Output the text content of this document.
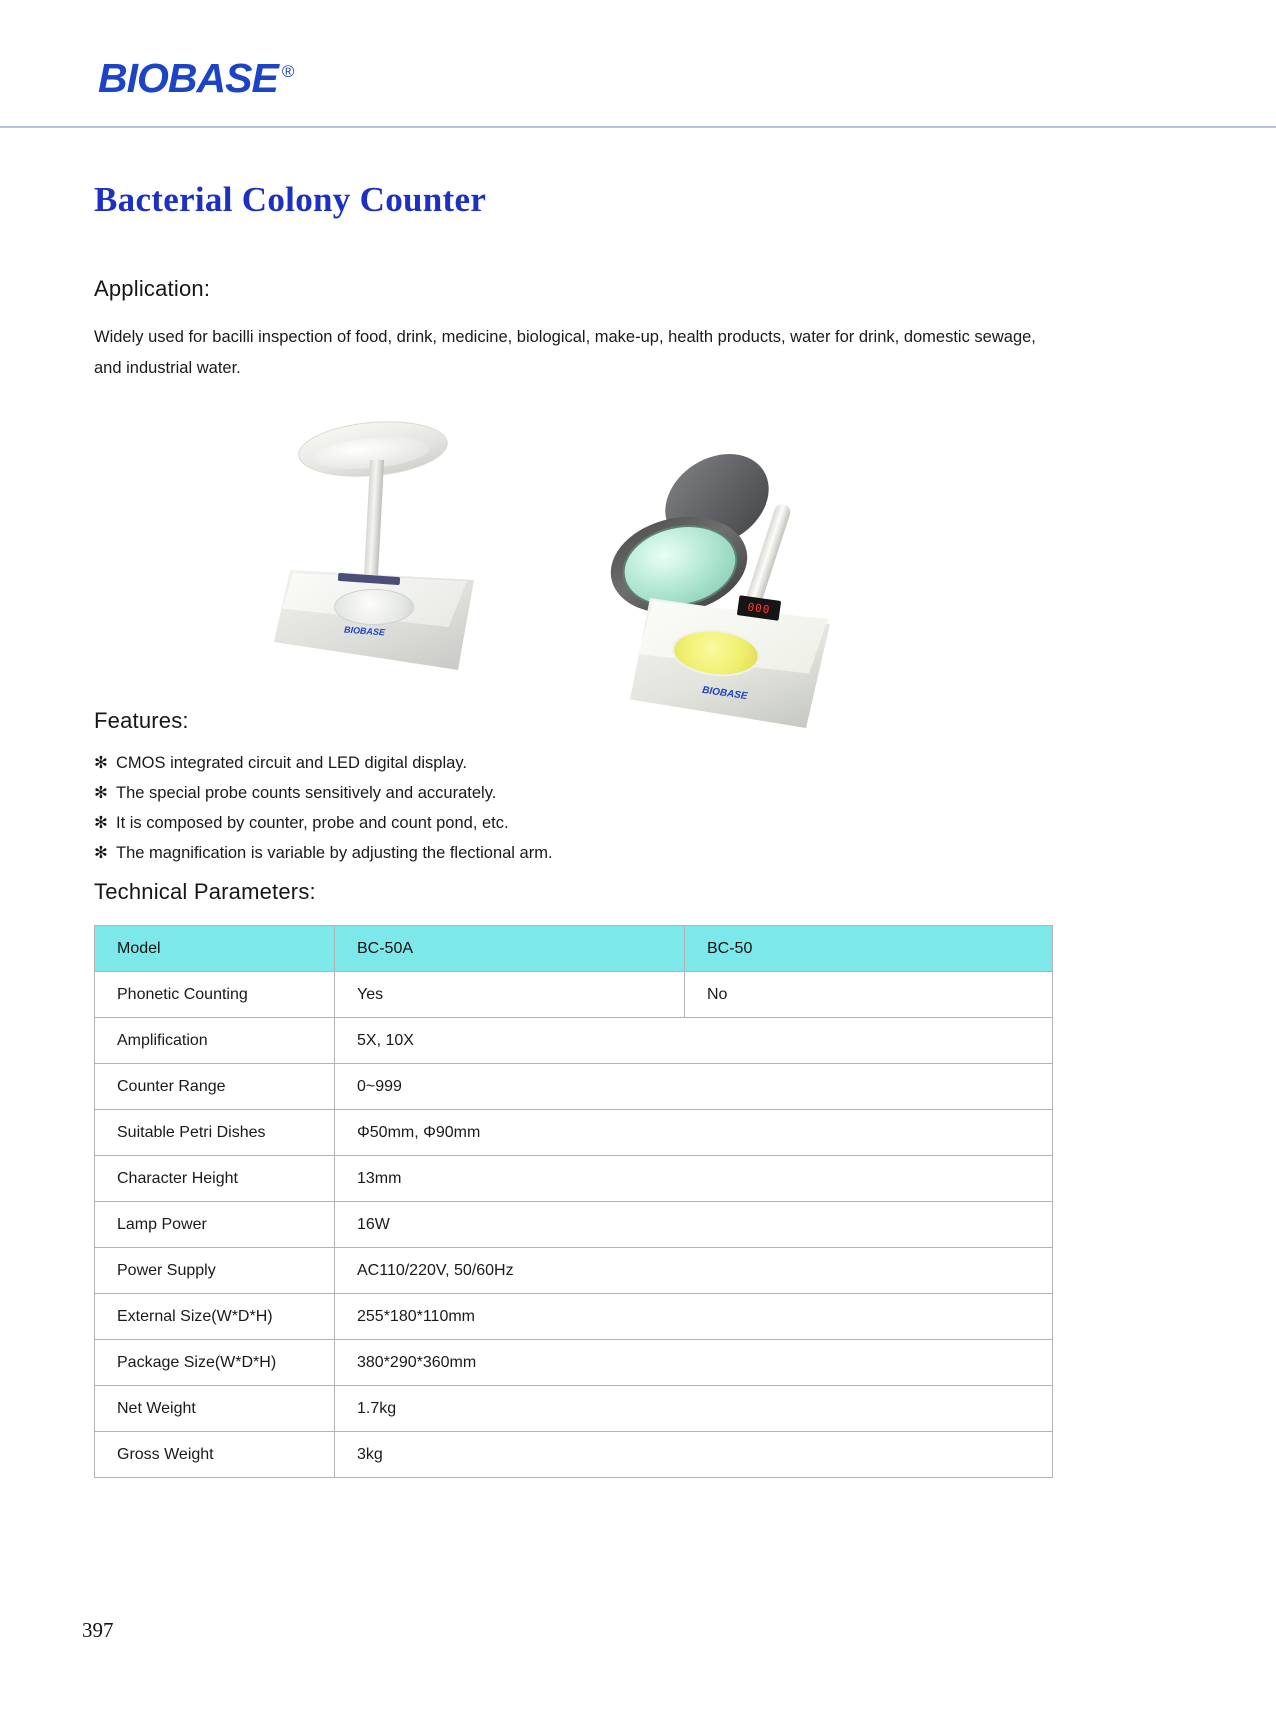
BIOBASE ®
Bacterial Colony Counter
Application:
Widely used for bacilli inspection of food, drink, medicine, biological, make-up, health products, water for drink, domestic sewage, and industrial water.
BIOBASE
000
BIOBASE
Features:
✻ CMOS integrated circuit and LED digital display.
✻ The special probe counts sensitively and accurately.
✻ It is composed by counter, probe and count pond, etc.
✻ The magnification is variable by adjusting the flectional arm.
Technical Parameters:
Model	BC-50A	BC-50
Phonetic Counting	Yes	No
Amplification	5X, 10X	
Counter Range	0~999	
Suitable Petri Dishes	Φ50mm, Φ90mm	
Character Height	13mm	
Lamp Power	16W	
Power Supply	AC110/220V, 50/60Hz	
External Size(W*D*H)	255*180*110mm	
Package Size(W*D*H)	380*290*360mm	
Net Weight	1.7kg	
Gross Weight	3kg	
397
